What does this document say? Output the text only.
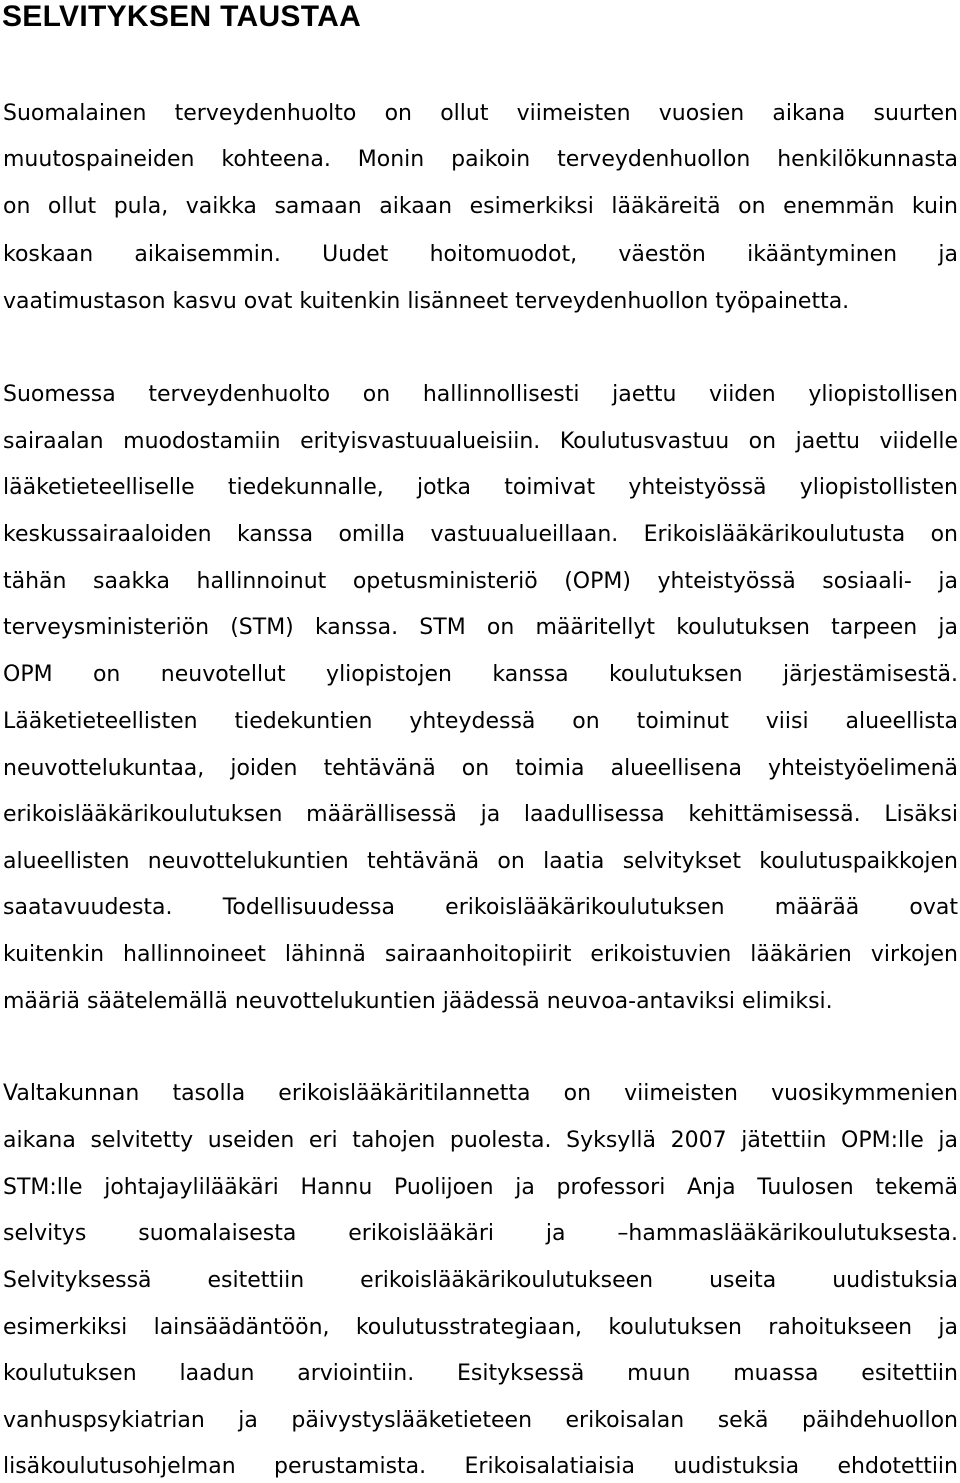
SELVITYKSEN TAUSTAA
Suomalainen terveydenhuolto on ollut viimeisten vuosien aikana suurten
muutospaineiden kohteena. Monin paikoin terveydenhuollon henkilökunnasta
on ollut pula, vaikka samaan aikaan esimerkiksi lääkäreitä on enemmän kuin
koskaan aikaisemmin. Uudet hoitomuodot, väestön ikääntyminen ja
vaatimustason kasvu ovat kuitenkin lisänneet terveydenhuollon työpainetta.
Suomessa terveydenhuolto on hallinnollisesti jaettu viiden yliopistollisen
sairaalan muodostamiin erityisvastuualueisiin. Koulutusvastuu on jaettu viidelle
lääketieteelliselle tiedekunnalle, jotka toimivat yhteistyössä yliopistollisten
keskussairaaloiden kanssa omilla vastuualueillaan. Erikoislääkärikoulutusta on
tähän saakka hallinnoinut opetusministeriö (OPM) yhteistyössä sosiaali- ja
terveysministeriön (STM) kanssa. STM on määritellyt koulutuksen tarpeen ja
OPM on neuvotellut yliopistojen kanssa koulutuksen järjestämisestä.
Lääketieteellisten tiedekuntien yhteydessä on toiminut viisi alueellista
neuvottelukuntaa, joiden tehtävänä on toimia alueellisena yhteistyöelimenä
erikoislääkärikoulutuksen määrällisessä ja laadullisessa kehittämisessä. Lisäksi
alueellisten neuvottelukuntien tehtävänä on laatia selvitykset koulutuspaikkojen
saatavuudesta. Todellisuudessa erikoislääkärikoulutuksen määrää ovat
kuitenkin hallinnoineet lähinnä sairaanhoitopiirit erikoistuvien lääkärien virkojen
määriä säätelemällä neuvottelukuntien jäädessä neuvoa-antaviksi elimiksi.
Valtakunnan tasolla erikoislääkäritilannetta on viimeisten vuosikymmenien
aikana selvitetty useiden eri tahojen puolesta. Syksyllä 2007 jätettiin OPM:lle ja
STM:lle johtajaylilääkäri Hannu Puolijoen ja professori Anja Tuulosen tekemä
selvitys suomalaisesta erikoislääkäri ja –hammaslääkärikoulutuksesta.
Selvityksessä esitettiin erikoislääkärikoulutukseen useita uudistuksia
esimerkiksi lainsäädäntöön, koulutusstrategiaan, koulutuksen rahoitukseen ja
koulutuksen laadun arviointiin. Esityksessä muun muassa esitettiin
vanhuspsykiatrian ja päivystyslääketieteen erikoisalan sekä päihdehuollon
lisäkoulutusohjelman perustamista. Erikoisalatiaisia uudistuksia ehdotettiin
